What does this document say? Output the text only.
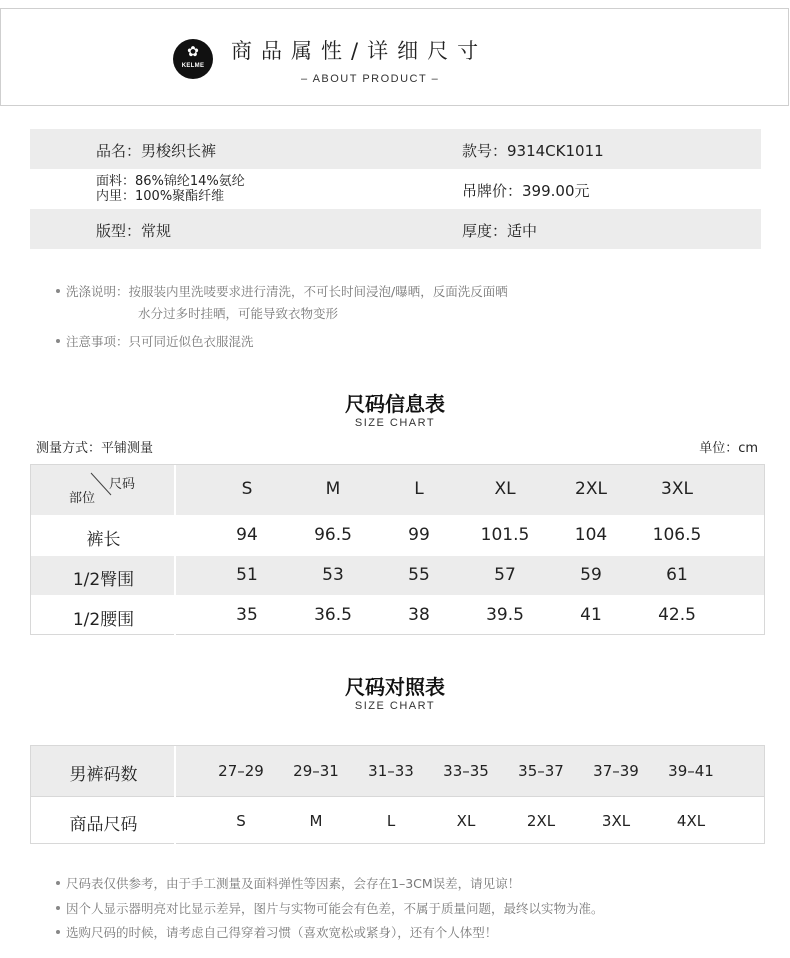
✿
KELME
商品属性/详细尺寸
– ABOUT PRODUCT –
品名：男梭织长裤	款号：9314CK1011
面料：86%锦纶14%氨纶
内里：100%聚酯纤维	吊牌价：399.00元
版型：常规	厚度：适中
洗涤说明：按服装内里洗唛要求进行清洗，不可长时间浸泡/曝晒，反面洗反面晒
水分过多时挂晒，可能导致衣物变形
注意事项：只可同近似色衣服混洗
尺码信息表
SIZE CHART
测量方式：平铺测量	单位：cm
尺码
部位	S	M	L	XL	2XL	3XL
裤长	94	96.5	99	101.5	104	106.5
1/2臀围	51	53	55	57	59	61
1/2腰围	35	36.5	38	39.5	41	42.5
尺码对照表
SIZE CHART
男裤码数	27–29	29–31	31–33	33–35	35–37	37–39	39–41
商品尺码	S	M	L	XL	2XL	3XL	4XL
尺码表仅供参考，由于手工测量及面料弹性等因素，会存在1–3CM误差，请见谅！
因个人显示器明亮对比显示差异，图片与实物可能会有色差，不属于质量问题，最终以实物为准。
选购尺码的时候，请考虑自己得穿着习惯（喜欢宽松或紧身），还有个人体型！
